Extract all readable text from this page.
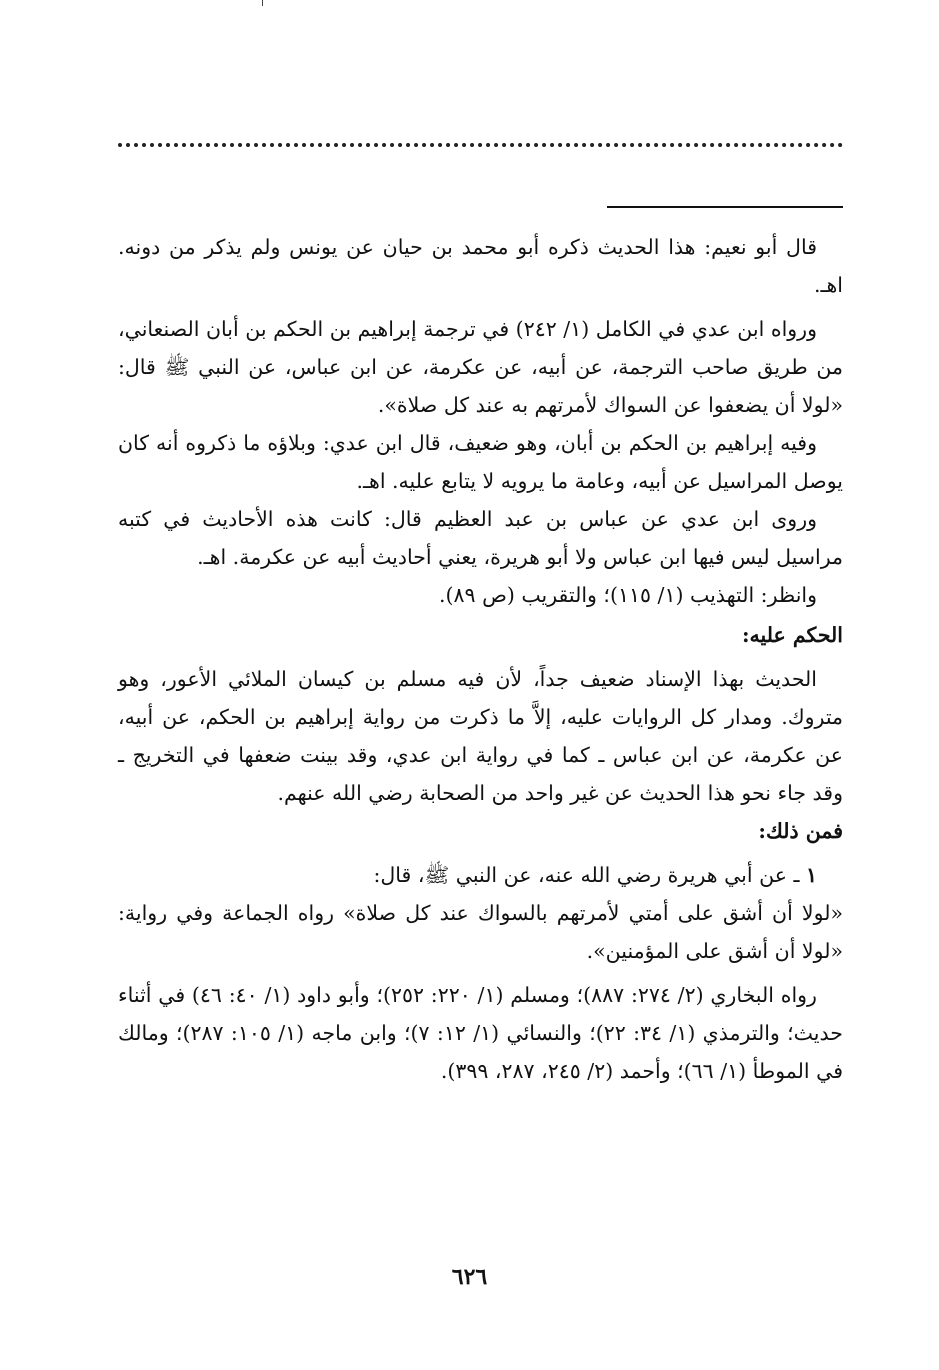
قال أبو نعيم: هذا الحديث ذكره أبو محمد بن حيان عن يونس ولم يذكر من دونه. اهـ.

ورواه ابن عدي في الكامل (١/ ٢٤٢) في ترجمة إبراهيم بن الحكم بن أبان الصنعاني، من طريق صاحب الترجمة، عن أبيه، عن عكرمة، عن ابن عباس، عن النبي ﷺ قال: «لولا أن يضعفوا عن السواك لأمرتهم به عند كل صلاة».

وفيه إبراهيم بن الحكم بن أبان، وهو ضعيف، قال ابن عدي: وبلاؤه ما ذكروه أنه كان يوصل المراسيل عن أبيه، وعامة ما يرويه لا يتابع عليه. اهـ.

وروى ابن عدي عن عباس بن عبد العظيم قال: كانت هذه الأحاديث في كتبه مراسيل ليس فيها ابن عباس ولا أبو هريرة، يعني أحاديث أبيه عن عكرمة. اهـ.

وانظر: التهذيب (١/ ١١٥)؛ والتقريب (ص ٨٩).

الحكم عليه:

الحديث بهذا الإسناد ضعيف جداً، لأن فيه مسلم بن كيسان الملائي الأعور، وهو متروك. ومدار كل الروايات عليه، إلاَّ ما ذكرت من رواية إبراهيم بن الحكم، عن أبيه، عن عكرمة، عن ابن عباس ـ كما في رواية ابن عدي، وقد بينت ضعفها في التخريج ـ وقد جاء نحو هذا الحديث عن غير واحد من الصحابة رضي الله عنهم.

فمن ذلك:

١ ـ عن أبي هريرة رضي الله عنه، عن النبي ﷺ، قال:

«لولا أن أشق على أمتي لأمرتهم بالسواك عند كل صلاة» رواه الجماعة وفي رواية: «لولا أن أشق على المؤمنين».

رواه البخاري (٢/ ٢٧٤: ٨٨٧)؛ ومسلم (١/ ٢٢٠: ٢٥٢)؛ وأبو داود (١/ ٤٠: ٤٦) في أثناء حديث؛ والترمذي (١/ ٣٤: ٢٢)؛ والنسائي (١/ ١٢: ٧)؛ وابن ماجه (١/ ١٠٥: ٢٨٧)؛ ومالك في الموطأ (١/ ٦٦)؛ وأحمد (٢/ ٢٤٥، ٢٨٧، ٣٩٩).

٦٢٦
